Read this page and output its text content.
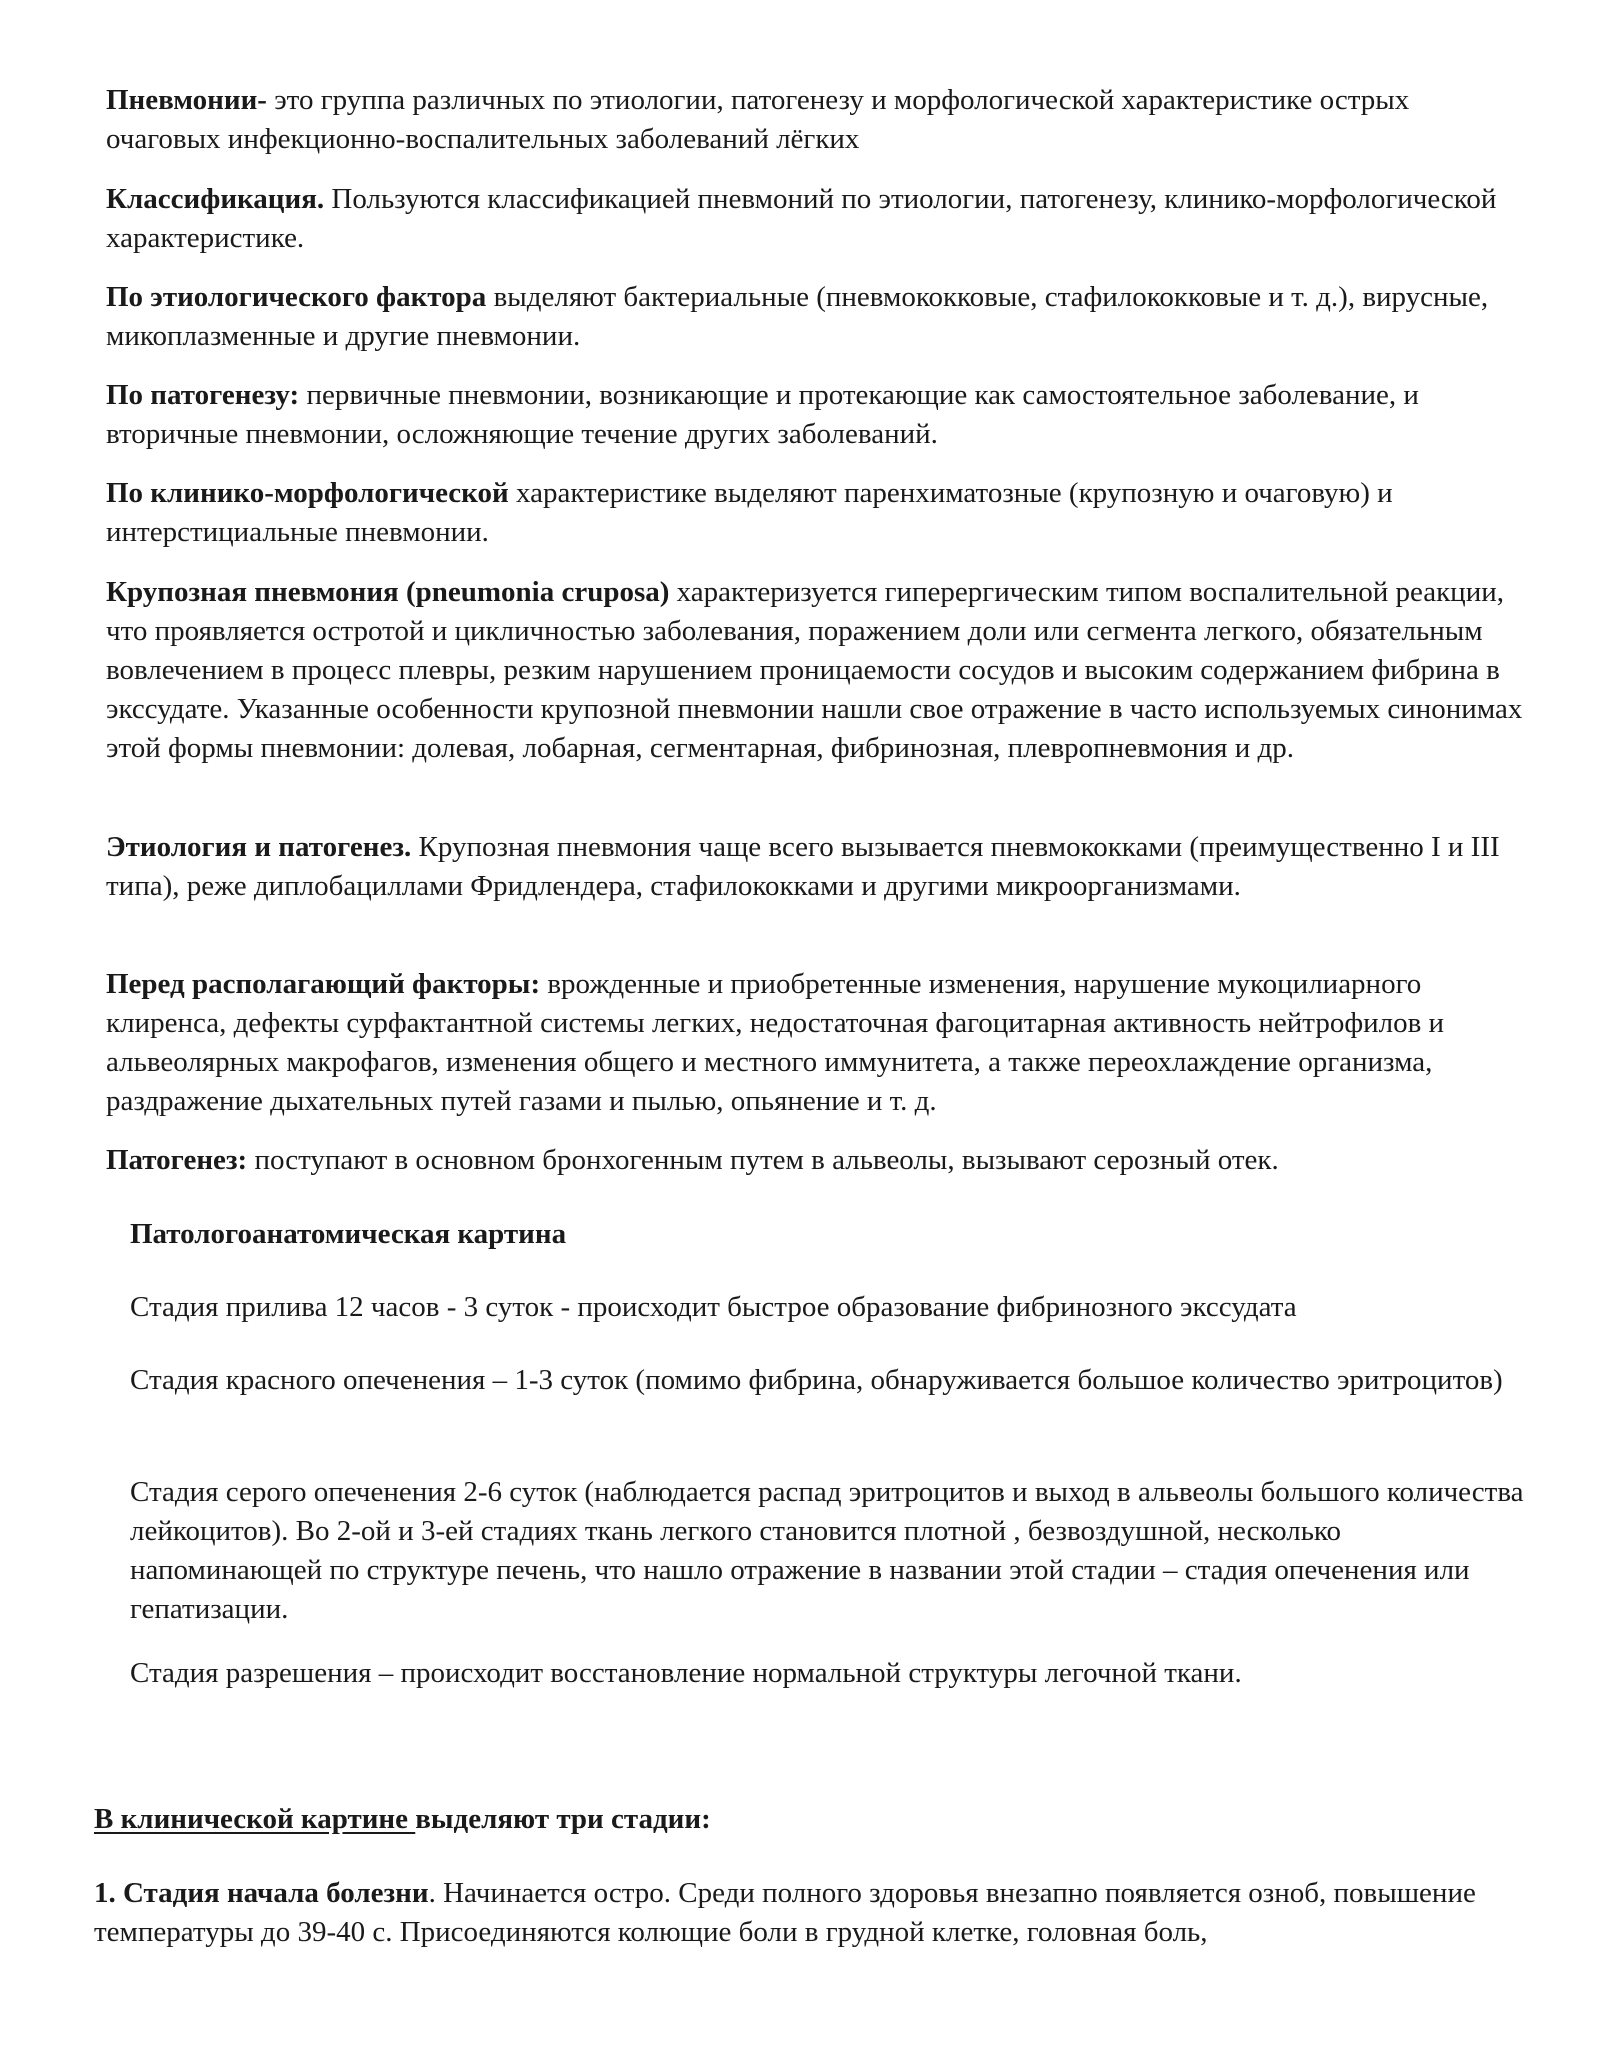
Пневмонии- это группа различных по этиологии, патогенезу и морфологической характеристике острых очаговых инфекционно-воспалительных заболеваний лёгких

Классификация. Пользуются классификацией пневмоний по этиологии, патогенезу, клинико-морфологической характеристике.

По этиологического фактора выделяют бактериальные (пневмококковые, стафилококковые и т. д.), вирусные, микоплазменные и другие пневмонии.

По патогенезу: первичные пневмонии, возникающие и протекающие как самостоятельное заболевание, и вторичные пневмонии, осложняющие течение других заболеваний.

По клинико-морфологической характеристике выделяют паренхиматозные (крупозную и очаговую) и интерстициальные пневмонии.

Крупозная пневмония (pneumonia cruposa) характеризуется гиперергическим типом воспалительной реакции, что проявляется остротой и цикличностью заболевания, поражением доли или сегмента легкого, обязательным вовлечением в процесс плевры, резким нарушением проницаемости сосудов и высоким содержанием фибрина в экссудате. Указанные особенности крупозной пневмонии нашли свое отражение в часто используемых синонимах этой формы пневмонии: долевая, лобарная, сегментарная, фибринозная, плевропневмония и др.

Этиология и патогенез. Крупозная пневмония чаще всего вызывается пневмококками (преимущественно I и III типа), реже диплобациллами Фридлендера, стафилококками и другими микроорганизмами.

Перед располагающий факторы: врожденные и приобретенные изменения, нарушение мукоцилиарного клиренса, дефекты сурфактантной системы легких, недостаточная фагоцитарная активность нейтрофилов и альвеолярных макрофагов, изменения общего и местного иммунитета, а также переохлаждение организма, раздражение дыхательных путей газами и пылью, опьянение и т. д.

Патогенез: поступают в основном бронхогенным путем в альвеолы, вызывают серозный отек.

Патологоанатомическая картина

Стадия прилива 12 часов - 3 суток - происходит быстрое образование фибринозного экссудата

Стадия красного опеченения – 1-3 суток (помимо фибрина, обнаруживается большое количество эритроцитов)

Стадия серого опеченения 2-6 суток (наблюдается распад эритроцитов и выход в альвеолы большого количества лейкоцитов). Во 2-ой и 3-ей стадиях ткань легкого становится плотной , безвоздушной, несколько напоминающей по структуре печень, что нашло отражение в названии этой стадии – стадия опеченения или гепатизации.

Стадия разрешения – происходит восстановление нормальной структуры легочной ткани.

В клинической картине выделяют три стадии:

1. Стадия начала болезни. Начинается остро. Среди полного здоровья внезапно появляется озноб, повышение температуры до 39-40 с. Присоединяются колющие боли в грудной клетке, головная боль,
